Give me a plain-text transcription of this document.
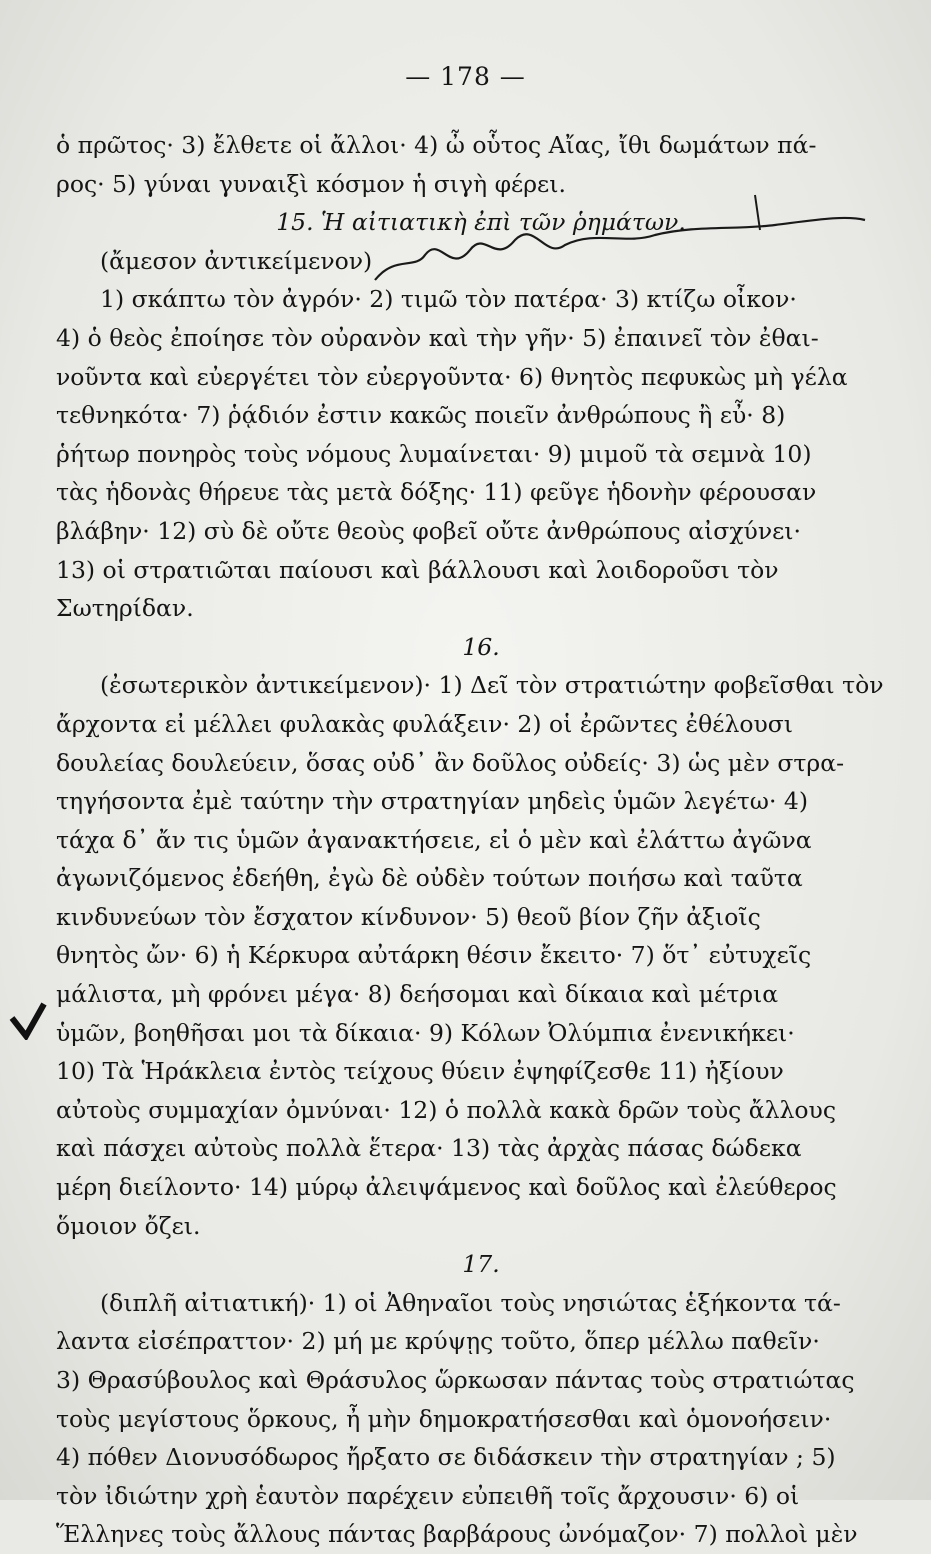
— 178 —

ὁ πρῶτος· 3) ἔλθετε οἱ ἄλλοι· 4) ὦ οὗτος Αἴας, ἴθι δωμάτων πά-

ρος· 5) γύναι γυναιξὶ κόσμον ἡ σιγὴ φέρει.

15. Ἡ αἰτιατικὴ ἐπὶ τῶν ῥημάτων.

(ἄμεσον ἀντικείμενον)

1) σκάπτω τὸν ἀγρόν· 2) τιμῶ τὸν πατέρα· 3) κτίζω οἶκον·

4) ὁ θεὸς ἐποίησε τὸν οὐρανὸν καὶ τὴν γῆν· 5) ἐπαινεῖ τὸν ἐθαι-

νοῦντα καὶ εὐεργέτει τὸν εὐεργοῦντα· 6) θνητὸς πεφυκὼς μὴ γέλα

τεθνηκότα· 7) ῥᾴδιόν ἐστιν κακῶς ποιεῖν ἀνθρώπους ἢ εὖ· 8)

ῥήτωρ πονηρὸς τοὺς νόμους λυμαίνεται· 9) μιμοῦ τὰ σεμνὰ 10)

τὰς ἡδονὰς θήρευε τὰς μετὰ δόξης· 11) φεῦγε ἡδονὴν φέρουσαν

βλάβην· 12) σὺ δὲ οὔτε θεοὺς φοβεῖ οὔτε ἀνθρώπους αἰσχύνει·

13) οἱ στρατιῶται παίουσι καὶ βάλλουσι καὶ λοιδοροῦσι τὸν

Σωτηρίδαν.

16.

(ἐσωτερικὸν ἀντικείμενον)· 1) Δεῖ τὸν στρατιώτην φοβεῖσθαι τὸν

ἄρχοντα εἰ μέλλει φυλακὰς φυλάξειν· 2) οἱ ἐρῶντες ἐθέλουσι

δουλείας δουλεύειν, ὅσας οὐδ᾽ ἂν δοῦλος οὐδείς· 3) ὡς μὲν στρα-

τηγήσοντα ἐμὲ ταύτην τὴν στρατηγίαν μηδεὶς ὑμῶν λεγέτω· 4)

τάχα δ᾽ ἄν τις ὑμῶν ἀγανακτήσειε, εἰ ὁ μὲν καὶ ἐλάττω ἀγῶνα

ἀγωνιζόμενος ἐδεήθη, ἐγὼ δὲ οὐδὲν τούτων ποιήσω καὶ ταῦτα

κινδυνεύων τὸν ἔσχατον κίνδυνον· 5) θεοῦ βίον ζῆν ἀξιοῖς

θνητὸς ὤν· 6) ἡ Κέρκυρα αὐτάρκη θέσιν ἔκειτο· 7) ὅτ᾽ εὐτυχεῖς

μάλιστα, μὴ φρόνει μέγα· 8) δεήσομαι καὶ δίκαια καὶ μέτρια

ὑμῶν, βοηθῆσαι μοι τὰ δίκαια· 9) Κόλων Ὀλύμπια ἐνενικήκει·

10) Τὰ Ἡράκλεια ἐντὸς τείχους θύειν ἐψηφίζεσθε 11) ἠξίουν

αὐτοὺς συμμαχίαν ὀμνύναι· 12) ὁ πολλὰ κακὰ δρῶν τοὺς ἄλλους

καὶ πάσχει αὐτοὺς πολλὰ ἕτερα· 13) τὰς ἀρχὰς πάσας δώδεκα

μέρη διείλοντο· 14) μύρῳ ἀλειψάμενος καὶ δοῦλος καὶ ἐλεύθερος

ὅμοιον ὄζει.

17.

(διπλῆ αἰτιατική)· 1) οἱ Ἀθηναῖοι τοὺς νησιώτας ἑξήκοντα τά-

λαντα εἰσέπραττον· 2) μή με κρύψῃς τοῦτο, ὅπερ μέλλω παθεῖν·

3) Θρασύβουλος καὶ Θράσυλος ὥρκωσαν πάντας τοὺς στρατιώτας

τοὺς μεγίστους ὅρκους, ἦ μὴν δημοκρατήσεσθαι καὶ ὁμονοήσειν·

4) πόθεν Διονυσόδωρος ἤρξατο σε διδάσκειν τὴν στρατηγίαν ; 5)

τὸν ἰδιώτην χρὴ ἑαυτὸν παρέχειν εὐπειθῆ τοῖς ἄρχουσιν· 6) οἱ

Ἕλληνες τοὺς ἄλλους πάντας βαρβάρους ὠνόμαζον· 7) πολλοὶ μὲν
